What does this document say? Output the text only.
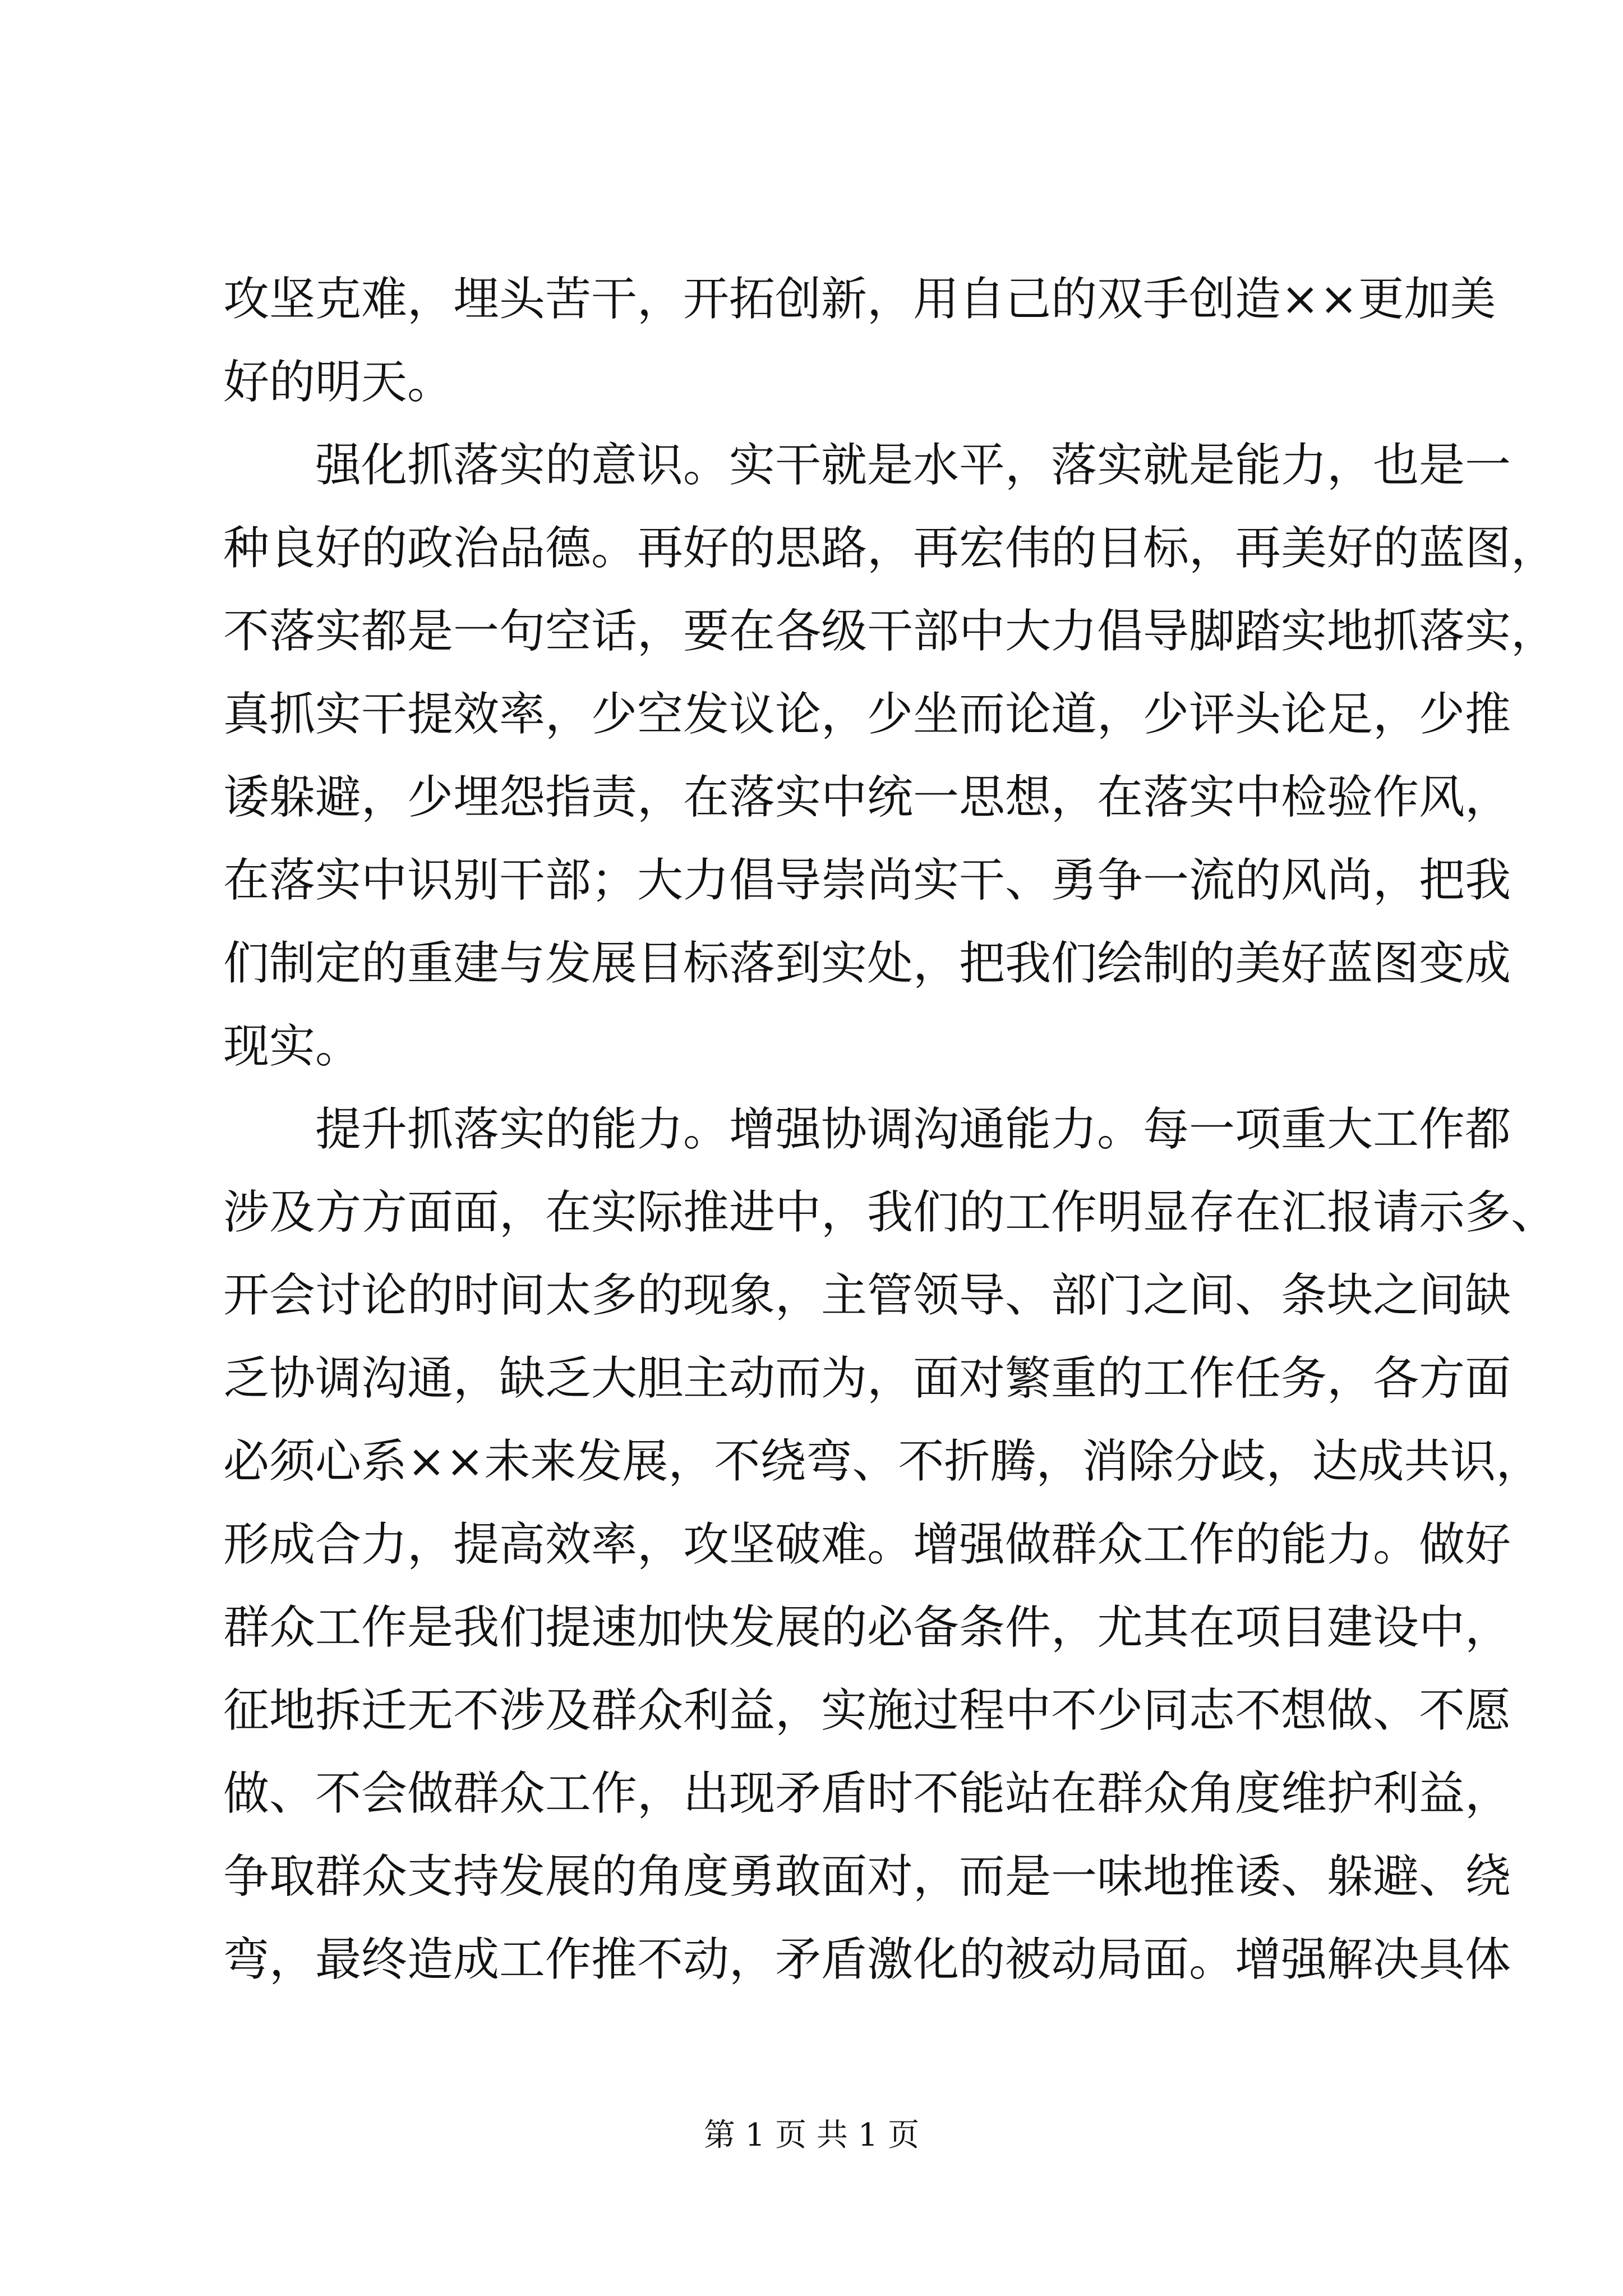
攻坚克难，埋头苦干，开拓创新，用自己的双手创造××更加美
好的明天。
　　强化抓落实的意识。实干就是水平，落实就是能力，也是一
种良好的政治品德。再好的思路，再宏伟的目标，再美好的蓝图，
不落实都是一句空话，要在各级干部中大力倡导脚踏实地抓落实，
真抓实干提效率，少空发议论，少坐而论道，少评头论足，少推
诿躲避，少埋怨指责，在落实中统一思想，在落实中检验作风，
在落实中识别干部；大力倡导崇尚实干、勇争一流的风尚，把我
们制定的重建与发展目标落到实处，把我们绘制的美好蓝图变成
现实。
　　提升抓落实的能力。增强协调沟通能力。每一项重大工作都
涉及方方面面，在实际推进中，我们的工作明显存在汇报请示多、
开会讨论的时间太多的现象，主管领导、部门之间、条块之间缺
乏协调沟通，缺乏大胆主动而为，面对繁重的工作任务，各方面
必须心系××未来发展，不绕弯、不折腾，消除分歧，达成共识，
形成合力，提高效率，攻坚破难。增强做群众工作的能力。做好
群众工作是我们提速加快发展的必备条件，尤其在项目建设中，
征地拆迁无不涉及群众利益，实施过程中不少同志不想做、不愿
做、不会做群众工作，出现矛盾时不能站在群众角度维护利益，
争取群众支持发展的角度勇敢面对，而是一味地推诿、躲避、绕
弯，最终造成工作推不动，矛盾激化的被动局面。增强解决具体
第 1 页 共 1 页
